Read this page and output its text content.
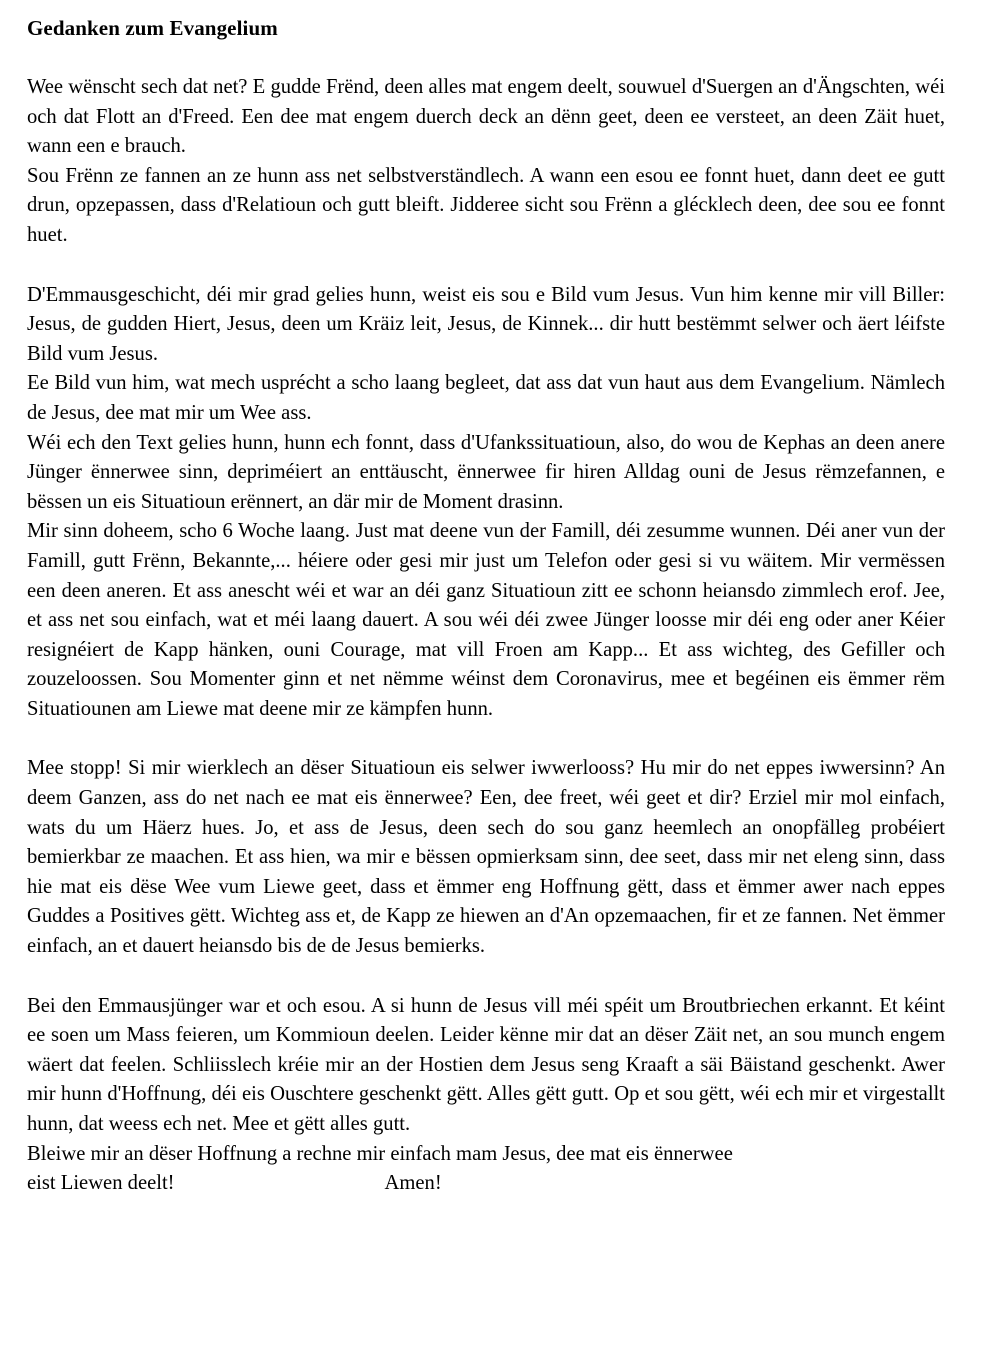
Gedanken zum Evangelium

Wee wënscht sech dat net? E gudde Frënd, deen alles mat engem deelt, souwuel d'Suergen an d'Ängschten, wéi och dat Flott an d'Freed. Een dee mat engem duerch deck an dënn geet, deen ee versteet, an deen Zäit huet, wann een e brauch.

Sou Frënn ze fannen an ze hunn ass net selbstverständlech. A wann een esou ee fonnt huet, dann deet ee gutt drun, opzepassen, dass d'Relatioun och gutt bleift. Jidderee sicht sou Frënn a glécklech deen, dee sou ee fonnt huet.

D'Emmausgeschicht, déi mir grad gelies hunn, weist eis sou e Bild vum Jesus. Vun him kenne mir vill Biller: Jesus, de gudden Hiert, Jesus, deen um Kräiz leit, Jesus, de Kinnek... dir hutt bestëmmt selwer och äert léifste Bild vum Jesus.

Ee Bild vun him, wat mech usprécht a scho laang begleet, dat ass dat vun haut aus dem Evangelium. Nämlech de Jesus, dee mat mir um Wee ass.

Wéi ech den Text gelies hunn, hunn ech fonnt, dass d'Ufankssituatioun, also, do wou de Kephas an deen anere Jünger ënnerwee sinn, depriméiert an enttäuscht, ënnerwee fir hiren Alldag ouni de Jesus rëmzefannen, e bëssen un eis Situatioun erënnert, an där mir de Moment drasinn.

Mir sinn doheem, scho 6 Woche laang. Just mat deene vun der Famill, déi zesumme wunnen. Déi aner vun der Famill, gutt Frënn, Bekannte,... héiere oder gesi mir just um Telefon oder gesi si vu wäitem. Mir vermëssen een deen aneren. Et ass anescht wéi et war an déi ganz Situatioun zitt ee schonn heiansdo zimmlech erof. Jee, et ass net sou einfach, wat et méi laang dauert. A sou wéi déi zwee Jünger loosse mir déi eng oder aner Kéier resignéiert de Kapp hänken, ouni Courage, mat vill Froen am Kapp... Et ass wichteg, des Gefiller och zouzeloossen. Sou Momenter ginn et net nëmme wéinst dem Coronavirus, mee et begéinen eis ëmmer rëm Situatiounen am Liewe mat deene mir ze kämpfen hunn.

Mee stopp! Si mir wierklech an dëser Situatioun eis selwer iwwerlooss? Hu mir do net eppes iwwersinn? An deem Ganzen, ass do net nach ee mat eis ënnerwee? Een, dee freet, wéi geet et dir? Erziel mir mol einfach, wats du um Häerz hues. Jo, et ass de Jesus, deen sech do sou ganz heemlech an onopfälleg probéiert bemierkbar ze maachen. Et ass hien, wa mir e bëssen opmierksam sinn, dee seet, dass mir net eleng sinn, dass hie mat eis dëse Wee vum Liewe geet, dass et ëmmer eng Hoffnung gëtt, dass et ëmmer awer nach eppes Guddes a Positives gëtt. Wichteg ass et, de Kapp ze hiewen an d'An opzemaachen, fir et ze fannen. Net ëmmer einfach, an et dauert heiansdo bis de de Jesus bemierks.

Bei den Emmausjünger war et och esou. A si hunn de Jesus vill méi spéit um Broutbriechen erkannt. Et kéint ee soen um Mass feieren, um Kommioun deelen. Leider kënne mir dat an dëser Zäit net, an sou munch engem wäert dat feelen. Schliisslech kréie mir an der Hostien dem Jesus seng Kraaft a säi Bäistand geschenkt. Awer mir hunn d'Hoffnung, déi eis Ouschtere geschenkt gëtt. Alles gëtt gutt. Op et sou gëtt, wéi ech mir et virgestallt hunn, dat weess ech net. Mee et gëtt alles gutt.

Bleiwe mir an dëser Hoffnung a rechne mir einfach mam Jesus, dee mat eis ënnerwee

eist Liewen deelt!	Amen!
